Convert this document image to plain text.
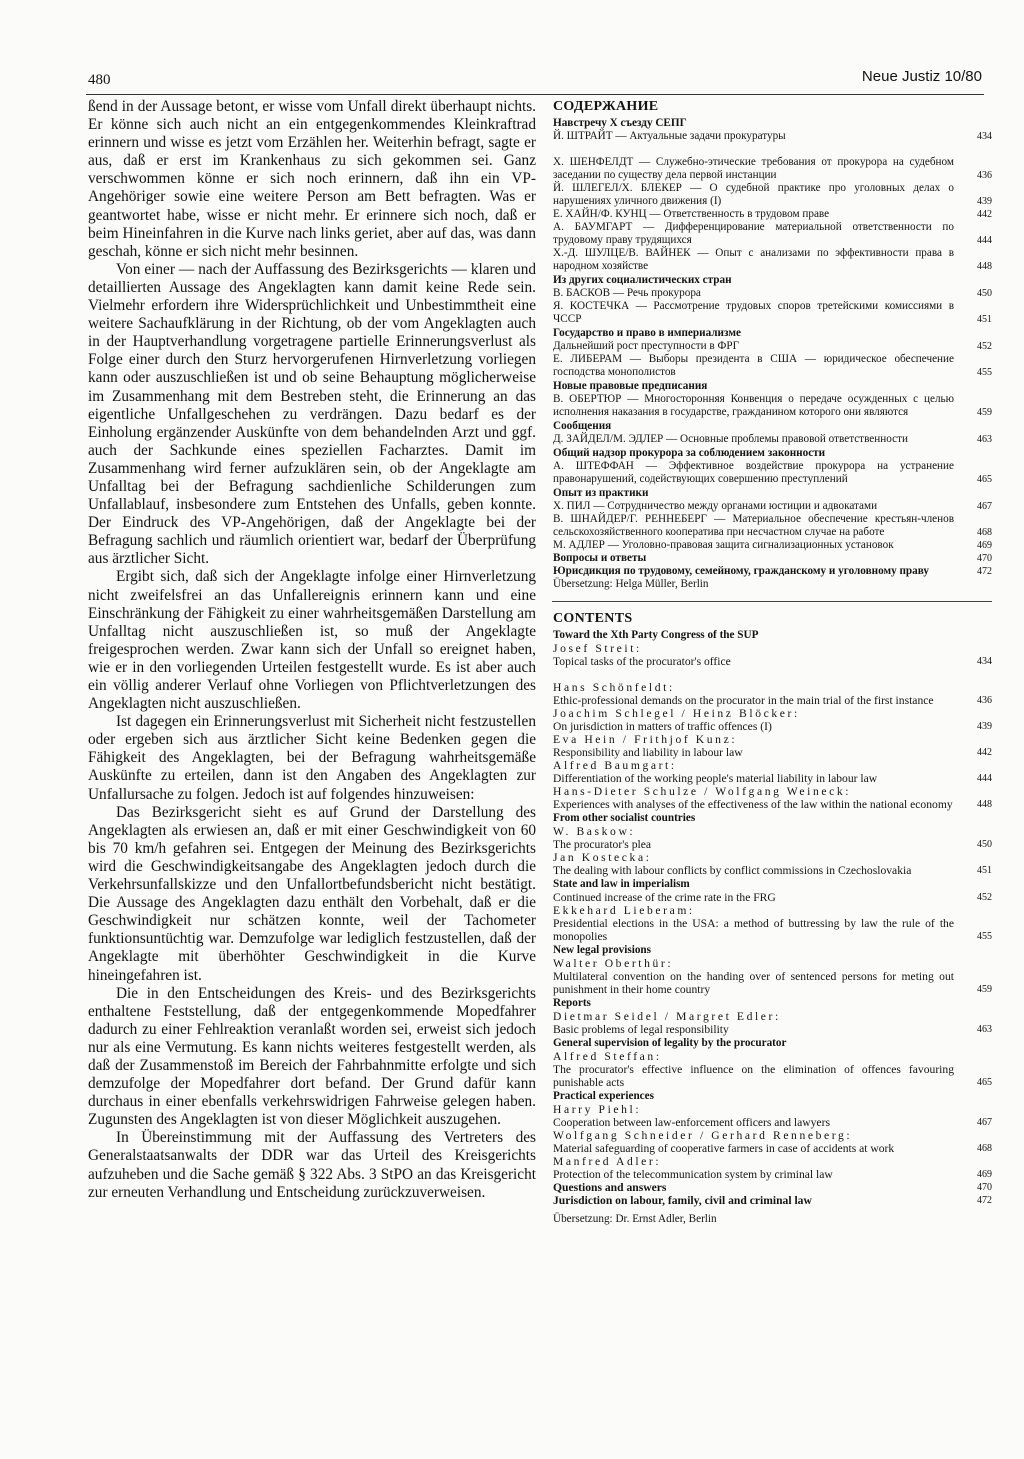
480	Neue Justiz 10/80

ßend in der Aussage betont, er wisse vom Unfall direkt überhaupt nichts. Er könne sich auch nicht an ein entgegenkommendes Kleinkraftrad erinnern und wisse es jetzt vom Erzählen her. Weiterhin befragt, sagte er aus, daß er erst im Krankenhaus zu sich gekommen sei. Ganz verschwommen könne er sich noch erinnern, daß ihn ein VP-Angehöriger sowie eine weitere Person am Bett befragten. Was er geantwortet habe, wisse er nicht mehr. Er erinnere sich noch, daß er beim Hineinfahren in die Kurve nach links geriet, aber auf das, was dann geschah, könne er sich nicht mehr besinnen.

Von einer — nach der Auffassung des Bezirksgerichts — klaren und detaillierten Aussage des Angeklagten kann damit keine Rede sein. Vielmehr erfordern ihre Widersprüchlichkeit und Unbestimmtheit eine weitere Sachaufklärung in der Richtung, ob der vom Angeklagten auch in der Hauptverhandlung vorgetragene partielle Erinnerungsverlust als Folge einer durch den Sturz hervorgerufenen Hirnverletzung vorliegen kann oder auszuschließen ist und ob seine Behauptung möglicherweise im Zusammenhang mit dem Bestreben steht, die Erinnerung an das eigentliche Unfallgeschehen zu verdrängen. Dazu bedarf es der Einholung ergänzender Auskünfte von dem behandelnden Arzt und ggf. auch der Sachkunde eines speziellen Facharztes. Damit im Zusammenhang wird ferner aufzuklären sein, ob der Angeklagte am Unfalltag bei der Befragung sachdienliche Schilderungen zum Unfallablauf, insbesondere zum Entstehen des Unfalls, geben konnte. Der Eindruck des VP-Angehörigen, daß der Angeklagte bei der Befragung sachlich und räumlich orientiert war, bedarf der Überprüfung aus ärztlicher Sicht.

Ergibt sich, daß sich der Angeklagte infolge einer Hirnverletzung nicht zweifelsfrei an das Unfallereignis erinnern kann und eine Einschränkung der Fähigkeit zu einer wahrheitsgemäßen Darstellung am Unfalltag nicht auszuschließen ist, so muß der Angeklagte freigesprochen werden. Zwar kann sich der Unfall so ereignet haben, wie er in den vorliegenden Urteilen festgestellt wurde. Es ist aber auch ein völlig anderer Verlauf ohne Vorliegen von Pflichtverletzungen des Angeklagten nicht auszuschließen.

Ist dagegen ein Erinnerungsverlust mit Sicherheit nicht festzustellen oder ergeben sich aus ärztlicher Sicht keine Bedenken gegen die Fähigkeit des Angeklagten, bei der Befragung wahrheitsgemäße Auskünfte zu erteilen, dann ist den Angaben des Angeklagten zur Unfallursache zu folgen. Jedoch ist auf folgendes hinzuweisen:

Das Bezirksgericht sieht es auf Grund der Darstellung des Angeklagten als erwiesen an, daß er mit einer Geschwindigkeit von 60 bis 70 km/h gefahren sei. Entgegen der Meinung des Bezirksgerichts wird die Geschwindigkeitsangabe des Angeklagten jedoch durch die Verkehrsunfallskizze und den Unfallortbefundsbericht nicht bestätigt. Die Aussage des Angeklagten dazu enthält den Vorbehalt, daß er die Geschwindigkeit nur schätzen konnte, weil der Tachometer funktionsuntüchtig war. Demzufolge war lediglich festzustellen, daß der Angeklagte mit überhöhter Geschwindigkeit in die Kurve hineingefahren ist.

Die in den Entscheidungen des Kreis- und des Bezirksgerichts enthaltene Feststellung, daß der entgegenkommende Mopedfahrer dadurch zu einer Fehlreaktion veranlaßt worden sei, erweist sich jedoch nur als eine Vermutung. Es kann nichts weiteres festgestellt werden, als daß der Zusammenstoß im Bereich der Fahrbahnmitte erfolgte und sich demzufolge der Mopedfahrer dort befand. Der Grund dafür kann durchaus in einer ebenfalls verkehrswidrigen Fahrweise gelegen haben. Zugunsten des Angeklagten ist von dieser Möglichkeit auszugehen.

In Übereinstimmung mit der Auffassung des Vertreters des Generalstaatsanwalts der DDR war das Urteil des Kreisgerichts aufzuheben und die Sache gemäß § 322 Abs. 3 StPO an das Kreisgericht zur erneuten Verhandlung und Entscheidung zurückzuverweisen.

СОДЕРЖАНИЕ
Навстречу X съезду СЕПГ
Й. ШТРАЙТ — Актуальные задачи прокуратуры	434
X. ШЕНФЕЛДТ — Служебно-этические требования от прокурора на судебном заседании по существу дела первой инстанции	436
Й. ШЛЕГЕЛ/Х. БЛЕКЕР — О судебной практике про уголовных делах о нарушениях уличного движения (I)	439
Е. ХАЙН/Ф. КУНЦ — Ответственность в трудовом праве	442
А. БАУМГАРТ — Дифференцирование материальной ответственности по трудовому праву трудящихся	444
Х.-Д. ШУЛЦЕ/В. ВАЙНЕК — Опыт с анализами по эффективности права в народном хозяйстве	448
Из других социалистических стран
В. БАСКОВ — Речь прокурора	450
Я. КОСТЕЧКА — Рассмотрение трудовых споров третейскими комиссиями в ЧССР	451
Государство и право в империализме
Дальнейший рост преступности в ФРГ	452
Е. ЛИБЕРАМ — Выборы президента в США — юридическое обеспечение господства монополистов	455
Новые правовые предписания
В. ОБЕРТЮР — Многосторонняя Конвенция о передаче осужденных с целью исполнения наказания в государстве, гражданином которого они являются	459
Сообщения
Д. ЗАЙДЕЛ/М. ЭДЛЕР — Основные проблемы правовой ответственности	463
Общий надзор прокурора за соблюдением законности
А. ШТЕФФАН — Эффективное воздействие прокурора на устранение правонарушений, содействующих совершению преступлений	465
Опыт из практики
X. ПИЛ — Сотрудничество между органами юстиции и адвокатами	467
В. ШНАЙДЕР/Г. РЕННЕБЕРГ — Материальное обеспечение крестьян-членов сельскохозяйственного кооператива при несчастном случае на работе	468
М. АДЛЕР — Уголовно-правовая защита сигнализационных установок	469
Вопросы и ответы	470
Юрисдикция по трудовому, семейному, гражданскому и уголовному праву	472
Übersetzung: Helga Müller, Berlin
CONTENTS
Toward the Xth Party Congress of the SUP
Josef Streit:
Topical tasks of the procurator's office	434
Hans Schönfeldt:
Ethic-professional demands on the procurator in the main trial of the first instance	436
Joachim Schlegel / Heinz Blöcker:
On jurisdiction in matters of traffic offences (I)	439
Eva Hein / Frithjof Kunz:
Responsibility and liability in labour law	442
Alfred Baumgart:
Differentiation of the working people's material liability in labour law	444
Hans-Dieter Schulze / Wolfgang Weineck:
Experiences with analyses of the effectiveness of the law within the national economy	448
From other socialist countries
W. Baskow:
The procurator's plea	450
Jan Kostecka:
The dealing with labour conflicts by conflict commissions in Czechoslovakia	451
State and law in imperialism
Continued increase of the crime rate in the FRG	452
Ekkehard Lieberam:
Presidential elections in the USA: a method of buttressing by law the rule of the monopolies	455
New legal provisions
Walter Oberthür:
Multilateral convention on the handing over of sentenced persons for meting out punishment in their home country	459
Reports
Dietmar Seidel / Margret Edler:
Basic problems of legal responsibility	463
General supervision of legality by the procurator
Alfred Steffan:
The procurator's effective influence on the elimination of offences favouring punishable acts	465
Practical experiences
Harry Piehl:
Cooperation between law-enforcement officers and lawyers	467
Wolfgang Schneider / Gerhard Renneberg:
Material safeguarding of cooperative farmers in case of accidents at work	468
Manfred Adler:
Protection of the telecommunication system by criminal law	469
Questions and answers	470
Jurisdiction on labour, family, civil and criminal law	472
Übersetzung: Dr. Ernst Adler, Berlin
